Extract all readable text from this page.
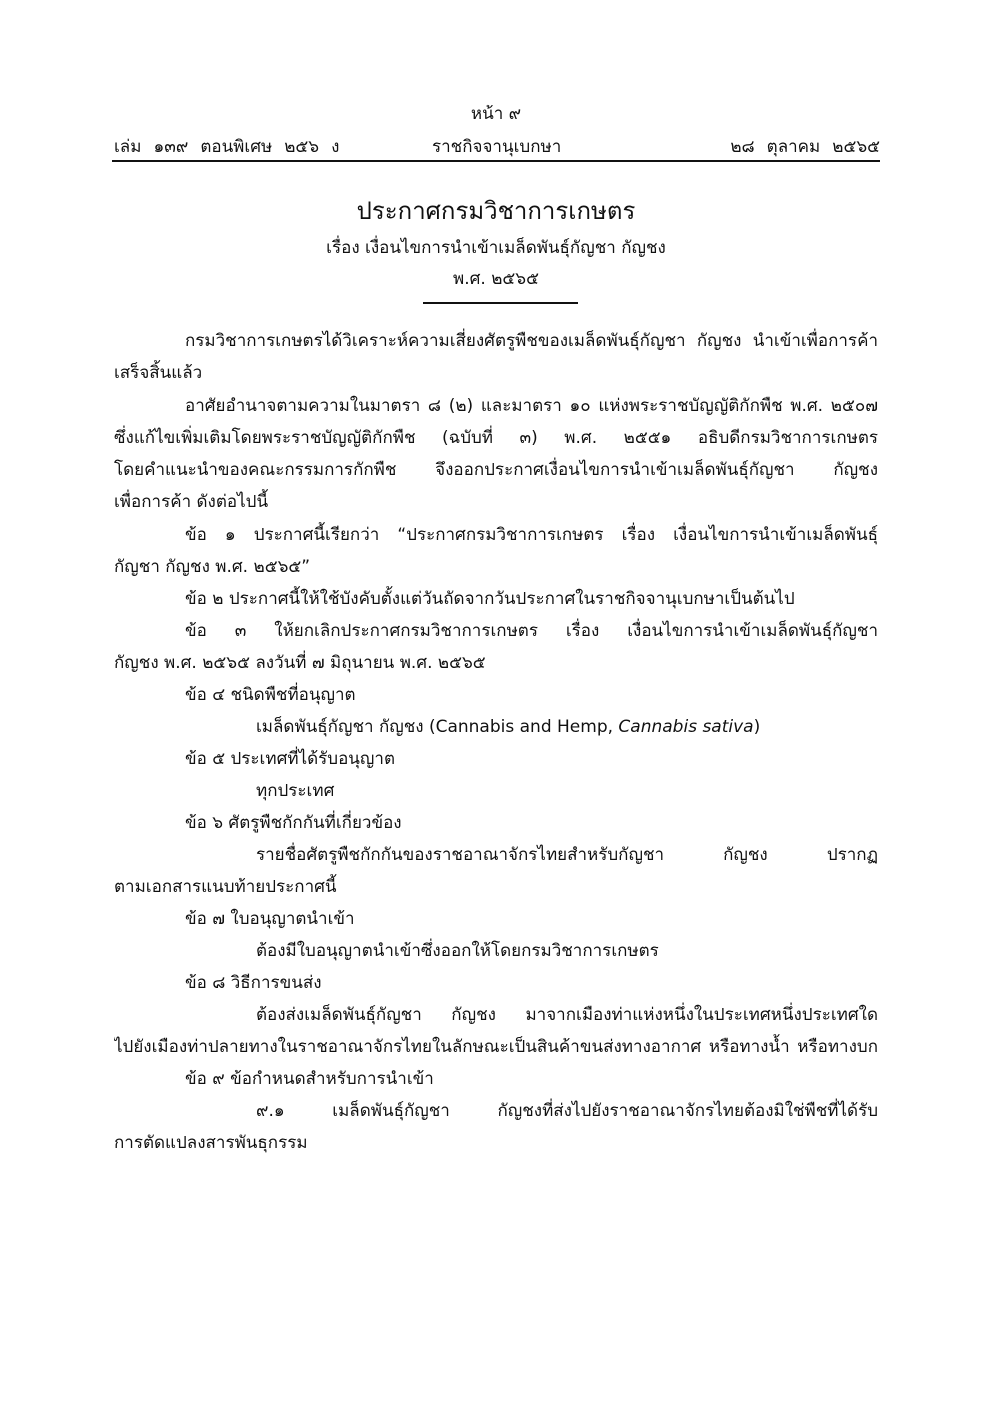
หน้า ๙
เล่ม ๑๓๙ ตอนพิเศษ ๒๕๖ ง	ราชกิจจานุเบกษา	๒๘ ตุลาคม ๒๕๖๕
ประกาศกรมวิชาการเกษตร
เรื่อง เงื่อนไขการนำเข้าเมล็ดพันธุ์กัญชา กัญชง
พ.ศ. ๒๕๖๕
กรมวิชาการเกษตรได้วิเคราะห์ความเสี่ยงศัตรูพืชของเมล็ดพันธุ์กัญชา กัญชง นำเข้าเพื่อการค้า
เสร็จสิ้นแล้ว
อาศัยอำนาจตามความในมาตรา ๘ (๒) และมาตรา ๑๐ แห่งพระราชบัญญัติกักพืช พ.ศ. ๒๕๐๗
ซึ่งแก้ไขเพิ่มเติมโดยพระราชบัญญัติกักพืช (ฉบับที่ ๓) พ.ศ. ๒๕๕๑ อธิบดีกรมวิชาการเกษตร
โดยคำแนะนำของคณะกรรมการกักพืช จึงออกประกาศเงื่อนไขการนำเข้าเมล็ดพันธุ์กัญชา กัญชง
เพื่อการค้า ดังต่อไปนี้
ข้อ ๑ ประกาศนี้เรียกว่า “ประกาศกรมวิชาการเกษตร เรื่อง เงื่อนไขการนำเข้าเมล็ดพันธุ์
กัญชา กัญชง พ.ศ. ๒๕๖๕”
ข้อ ๒ ประกาศนี้ให้ใช้บังคับตั้งแต่วันถัดจากวันประกาศในราชกิจจานุเบกษาเป็นต้นไป
ข้อ ๓ ให้ยกเลิกประกาศกรมวิชาการเกษตร เรื่อง เงื่อนไขการนำเข้าเมล็ดพันธุ์กัญชา
กัญชง พ.ศ. ๒๕๖๕ ลงวันที่ ๗ มิถุนายน พ.ศ. ๒๕๖๕
ข้อ ๔ ชนิดพืชที่อนุญาต
เมล็ดพันธุ์กัญชา กัญชง (Cannabis and Hemp, Cannabis sativa)
ข้อ ๕ ประเทศที่ได้รับอนุญาต
ทุกประเทศ
ข้อ ๖ ศัตรูพืชกักกันที่เกี่ยวข้อง
รายชื่อศัตรูพืชกักกันของราชอาณาจักรไทยสำหรับกัญชา กัญชง ปรากฏ
ตามเอกสารแนบท้ายประกาศนี้
ข้อ ๗ ใบอนุญาตนำเข้า
ต้องมีใบอนุญาตนำเข้าซึ่งออกให้โดยกรมวิชาการเกษตร
ข้อ ๘ วิธีการขนส่ง
ต้องส่งเมล็ดพันธุ์กัญชา กัญชง มาจากเมืองท่าแห่งหนึ่งในประเทศหนึ่งประเทศใด
ไปยังเมืองท่าปลายทางในราชอาณาจักรไทยในลักษณะเป็นสินค้าขนส่งทางอากาศ หรือทางน้ำ หรือทางบก
ข้อ ๙ ข้อกำหนดสำหรับการนำเข้า
๙.๑ เมล็ดพันธุ์กัญชา กัญชงที่ส่งไปยังราชอาณาจักรไทยต้องมิใช่พืชที่ได้รับ
การตัดแปลงสารพันธุกรรม
